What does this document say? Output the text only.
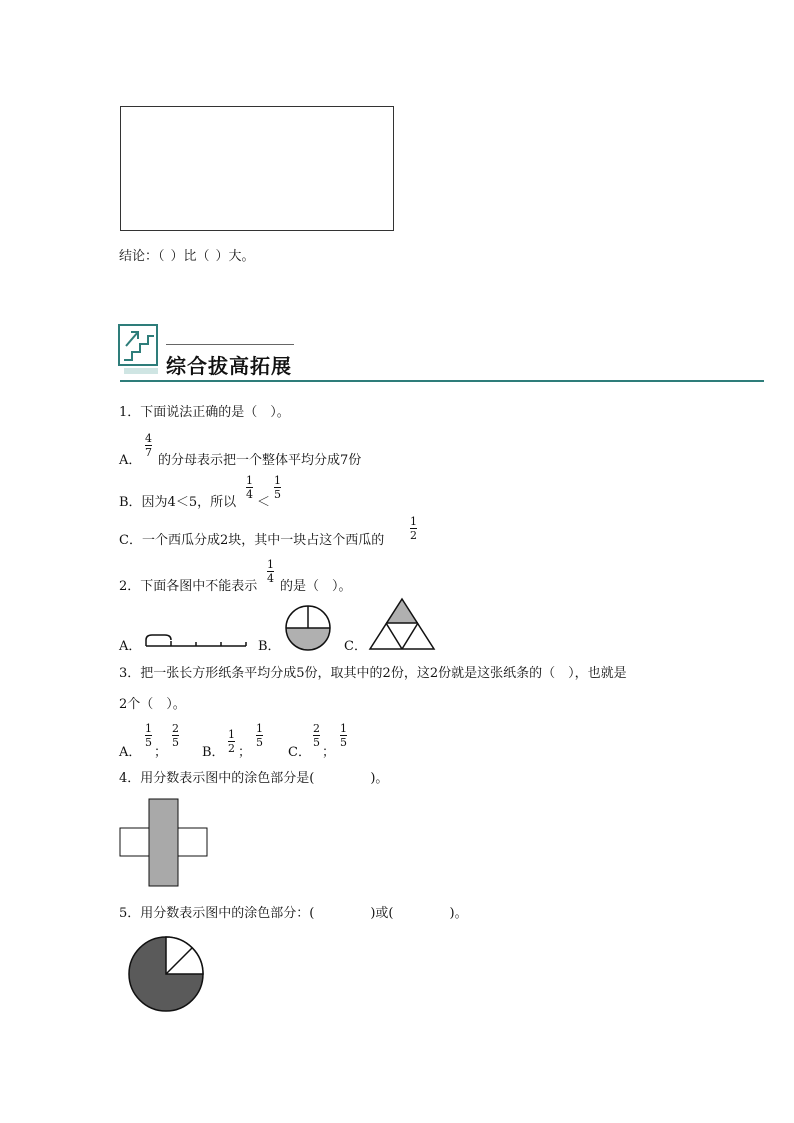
结论：（ ）比（ ）大。
综合拔高拓展
1．下面说法正确的是（　）。
A．
$\frac{4}{7}$
的分母表示把一个整体平均分成7份
B．因为4＜5，所以
$\frac{1}{4}$
＜
$\frac{1}{5}$
C．一个西瓜分成2块，其中一块占这个西瓜的 $\frac{1}{2}$
2．下面各图中不能表示
$\frac{1}{4}$
的是（　）。
A．	B．	C．
3．把一张长方形纸条平均分成5份，取其中的2份，这2份就是这张纸条的（　），也就是
2个（　）。
A．
$\frac{1}{5}$
；
$\frac{2}{5}$
B． $\frac{1}{2}$ ；
$\frac{1}{5}$
C．
$\frac{2}{5}$
；
$\frac{1}{5}$
4．用分数表示图中的涂色部分是(	)。
5．用分数表示图中的涂色部分：(	)或(	)。
